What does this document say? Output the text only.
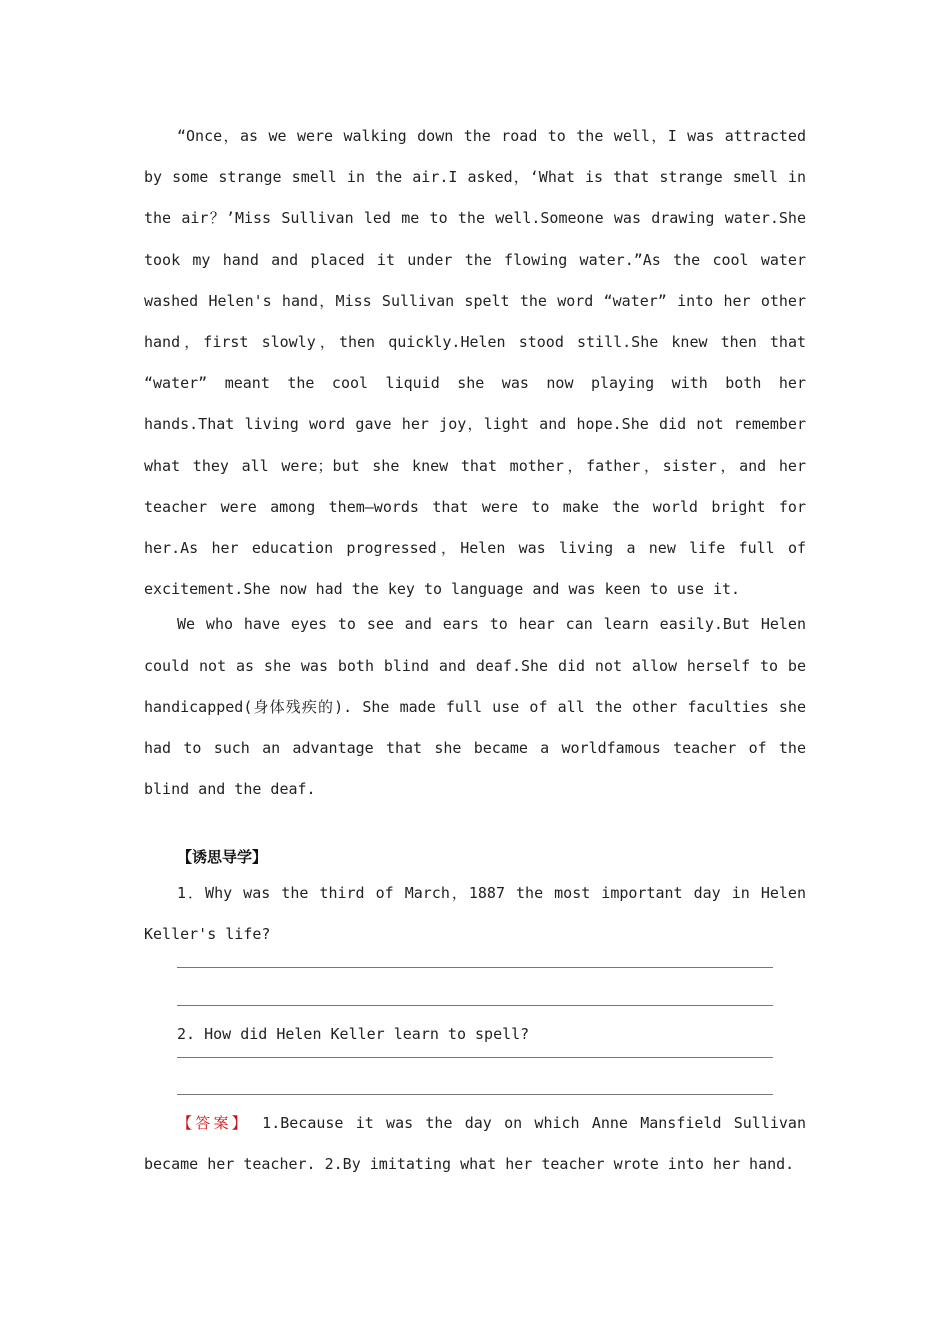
“Once，as we were walking down the road to the well，I was attracted by some strange smell in the air.I asked，‘What is that strange smell in the air？’Miss Sullivan led me to the well.Someone was drawing water.She took my hand and placed it under the flowing water.”As the cool water washed Helen's hand，Miss Sullivan spelt the word “water” into her other hand，first slowly，then quickly.Helen stood still.She knew then that “water” meant the cool liquid she was now playing with both her hands.That living word gave her joy，light and hope.She did not remember what they all were；but she knew that mother，father，sister，and her teacher were among them—words that were to make the world bright for her.As her education progressed，Helen was living a new life full of excitement.She now had the key to language and was keen to use it.

We who have eyes to see and ears to hear can learn easily.But Helen could not as she was both blind and deaf.She did not allow herself to be handicapped(身体残疾的). She made full use of all the other faculties she had to such an advantage that she became a worldfamous teacher of the blind and the deaf.

【诱思导学】

1．Why was the third of March，1887 the most important day in Helen Keller's life?

2. How did Helen Keller learn to spell?

【答案】 1.Because it was the day on which Anne Mansfield Sullivan became her teacher. 2.By imitating what her teacher wrote into her hand.
